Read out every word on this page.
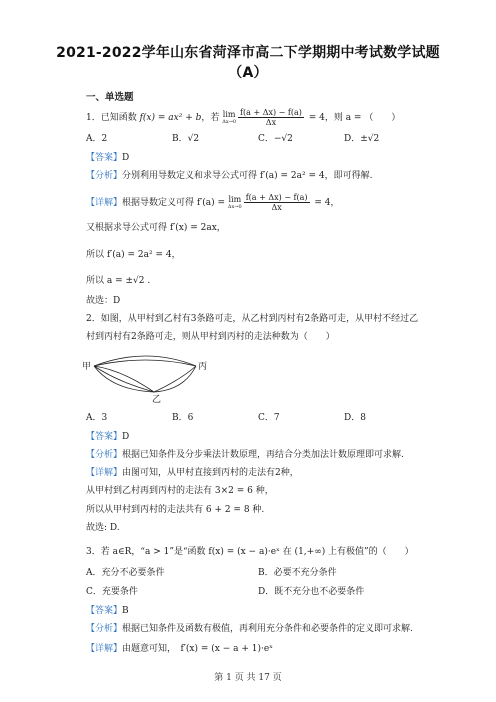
2021-2022学年山东省菏泽市高二下学期期中考试数学试题
（A）
一、单选题
1．已知函数 f(x) = ax² + b，若 lim
$\Delta x\to 0 \frac{f(a + \Delta x) - f(a)}{\Delta x} = 4$，则 a = （　　）
A．2	B．√2	C．−√2	D．±√2
【答案】D
【分析】分别利用导数定义和求导公式可得 f′(a) = 2a² = 4，即可得解.
【详解】根据导数定义可得 f′(a) = lim
$\Delta x\to 0 \frac{f(a + \Delta x) - f(a)}{\Delta x} = 4$，
又根据求导公式可得 f′(x) = 2ax，
所以 f′(a) = 2a² = 4，
所以 a = ±√2 .
故选：D
2．如图，从甲村到乙村有3条路可走，从乙村到丙村有2条路可走，从甲村不经过乙
村到丙村有2条路可走，则从甲村到丙村的走法种数为（　　）
甲	丙
乙
A．3	B．6	C．7	D．8
【答案】D
【分析】根据已知条件及分步乘法计数原理，再结合分类加法计数原理即可求解.
【详解】由图可知，从甲村直接到丙村的走法有2种，
从甲村到乙村再到丙村的走法有 3×2 = 6 种，
所以从甲村到丙村的走法共有 6 + 2 = 8 种.
故选: D.
3．若 a∈R，“a > 1”是“函数 f(x) = (x − a)·eˣ 在 (1,+∞) 上有极值”的（　　）
A．充分不必要条件	B．必要不充分条件
C．充要条件	D．既不充分也不必要条件
【答案】B
【分析】根据已知条件及函数有极值，再利用充分条件和必要条件的定义即可求解.
【详解】由题意可知，　f′(x) = (x − a + 1)·eˣ
第 1 页 共 17 页
